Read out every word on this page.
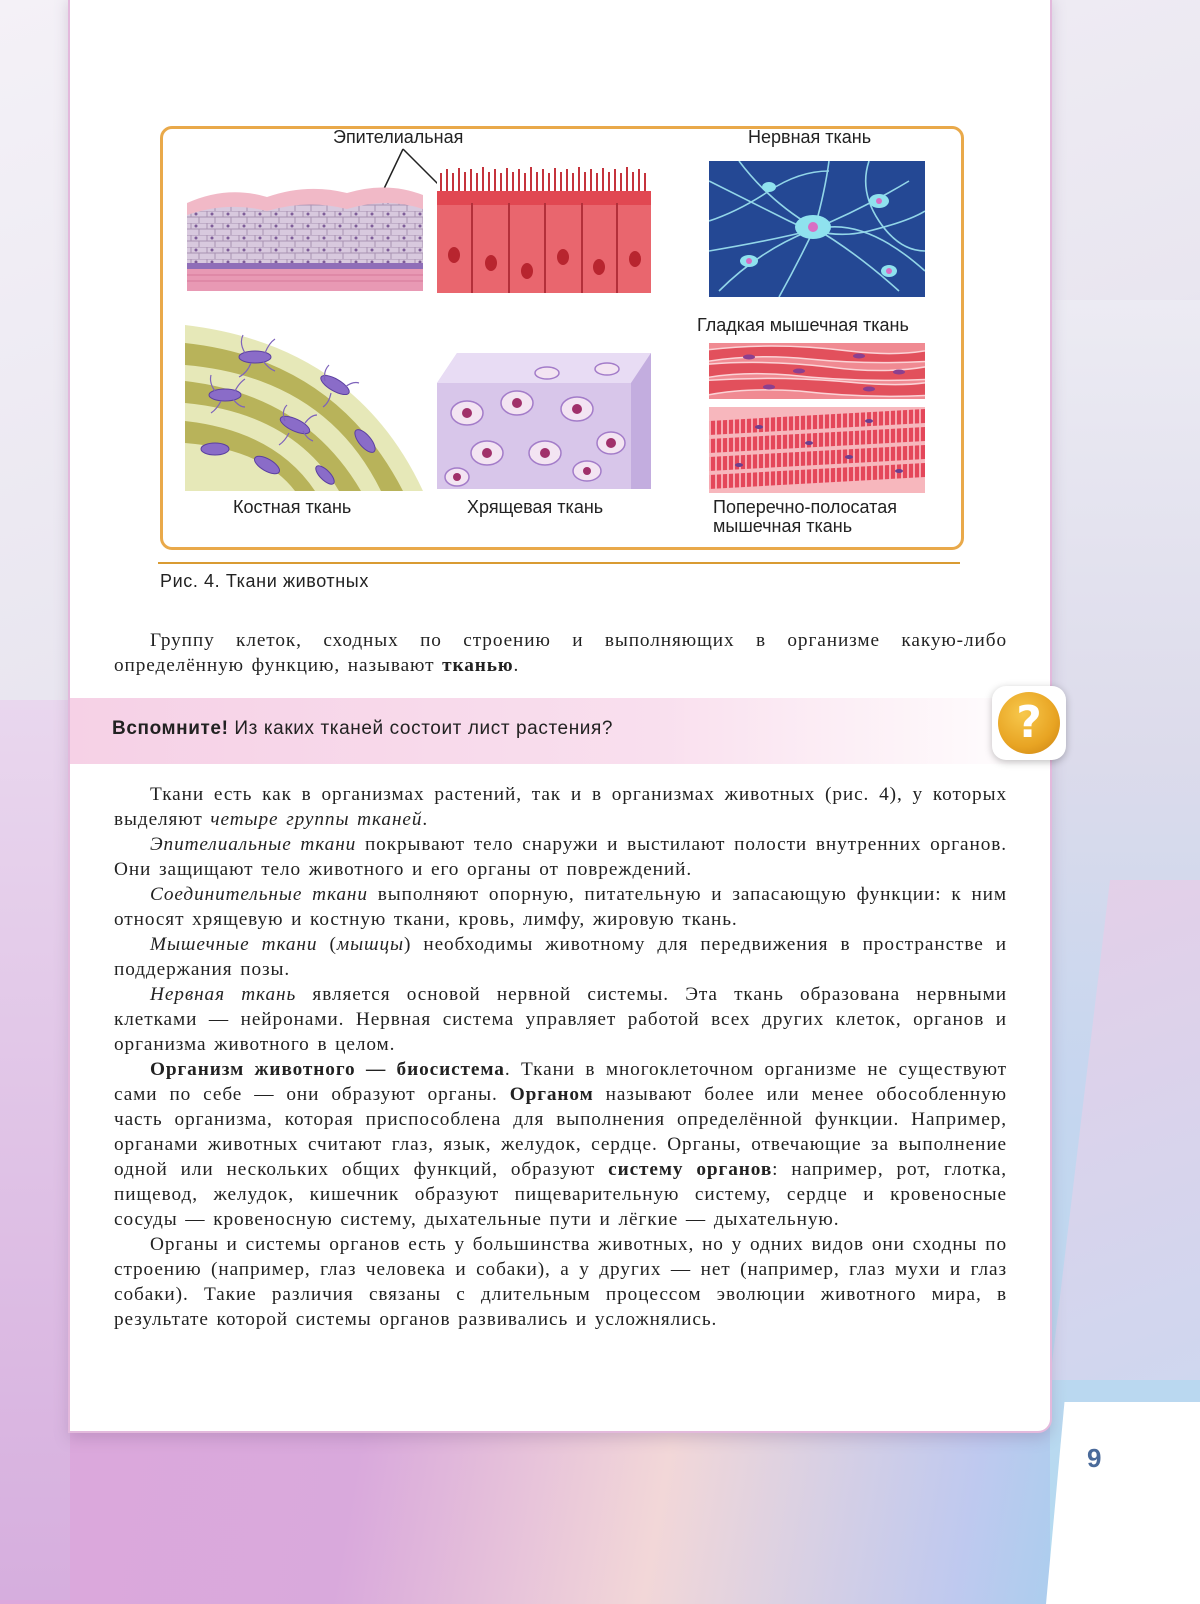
Эпителиальная	Нервная ткань
Гладкая мышечная ткань
Костная ткань	Хрящевая ткань	Поперечно-полосатая
мышечная ткань
Рис. 4. Ткани животных

Группу клеток, сходных по строению и выполняющих в организме какую-либо определённую функцию, называют тканью.

Вспомните! Из каких тканей состоит лист растения?	?

Ткани есть как в организмах растений, так и в организмах животных (рис. 4), у которых выделяют четыре группы тканей.

Эпителиальные ткани покрывают тело снаружи и выстилают полости внутренних органов. Они защищают тело животного и его органы от повреждений.

Соединительные ткани выполняют опорную, питательную и запасающую функции: к ним относят хрящевую и костную ткани, кровь, лимфу, жировую ткань.

Мышечные ткани (мышцы) необходимы животному для передвижения в пространстве и поддержания позы.

Нервная ткань является основой нервной системы. Эта ткань образована нервными клетками — нейронами. Нервная система управляет работой всех других клеток, органов и организма животного в целом.

Организм животного — биосистема. Ткани в многоклеточном организме не существуют сами по себе — они образуют органы. Органом называют более или менее обособленную часть организма, которая приспособлена для выполнения определённой функции. Например, органами животных считают глаз, язык, желудок, сердце. Органы, отвечающие за выполнение одной или нескольких общих функций, образуют систему органов: например, рот, глотка, пищевод, желудок, кишечник образуют пищеварительную систему, сердце и кровеносные сосуды — кровеносную систему, дыхательные пути и лёгкие — дыхательную.

Органы и системы органов есть у большинства животных, но у одних видов они сходны по строению (например, глаз человека и собаки), а у других — нет (например, глаз мухи и глаз собаки). Такие различия связаны с длительным процессом эволюции животного мира, в результате которой системы органов развивались и усложнялись.

9
